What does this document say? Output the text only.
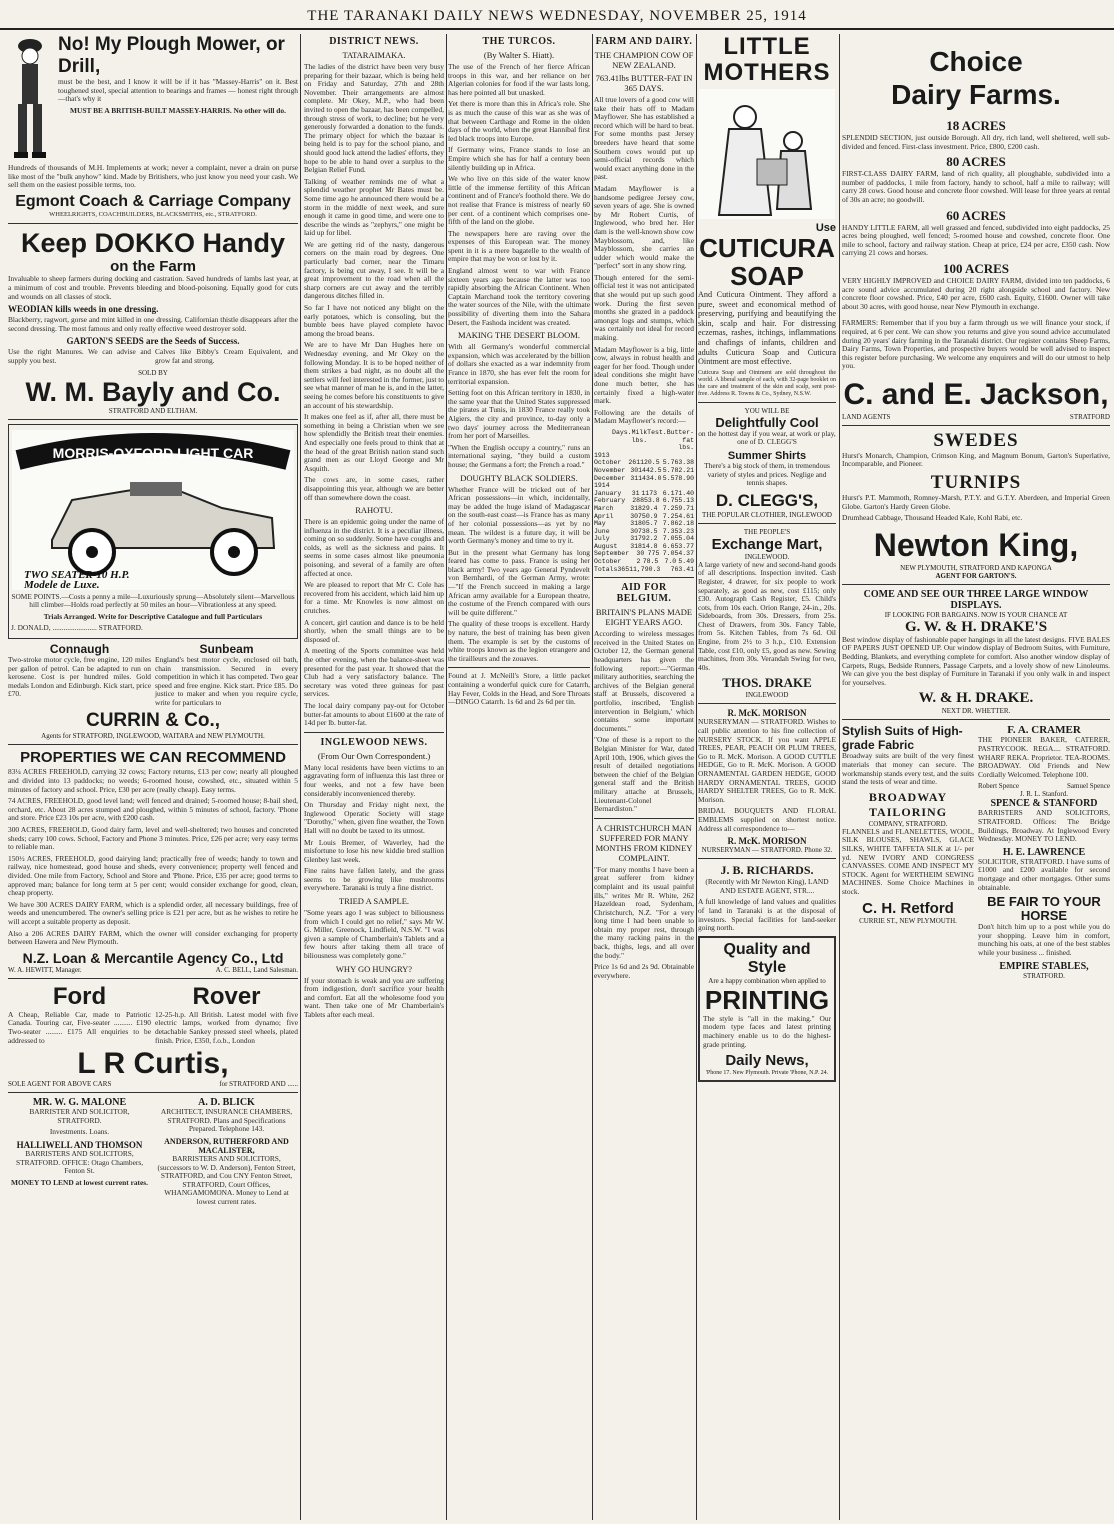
THE TARANAKI DAILY NEWS WEDNESDAY, NOVEMBER 25, 1914
No! My Plough Mower, or Drill,
must be the best, and I know it will be if it has "Massey-Harris" on it. Best toughened steel, special attention to bearings and frames — honest right through—that's why it
MUST BE A BRITISH-BUILT MASSEY-HARRIS. No other will do.
Hundreds of thousands of M.H. Implements at work; never a complaint, never a drain on purse like most of the "bulk anyhow" kind. Made by Britishers, who just know you need your cash. We sell them on the easiest possible terms, too.
Egmont Coach & Carriage Company
WHEELRIGHTS, COACHBUILDERS, BLACKSMITHS, etc., STRATFORD.
Keep DOKKO Handy
on the Farm
Invaluable to sheep farmers during docking and castration. Saved hundreds of lambs last year, at a minimum of cost and trouble. Prevents bleeding and blood-poisoning. Equally good for cuts and wounds on all classes of stock.
WEODIAN kills weeds in one dressing.
Blackberry, ragwort, gorse and mint killed in one dressing. Californian thistle disappears after the second dressing. The most famous and only really effective weed destroyer sold.
GARTON'S SEEDS are the Seeds of Success.
Use the right Manures. We can advise and supply you best.
Calves like Bibby's Cream Equivalent, and grow fat and strong.
SOLD BY
W. M. Bayly and Co.
STRATFORD AND ELTHAM.
MORRIS-OXFORD LIGHT CAR
TWO SEATER-10 H.P.
Modele de Luxe.
SOME POINTS.—Costs a penny a mile—Luxuriously sprung—Absolutely silent—Marvellous hill climber—Holds road perfectly at 50 miles an hour—Vibrationless at any speed.
Trials Arranged. Write for Descriptive Catalogue and full Particulars
J. DONALD, ........................ STRATFORD.
Connaugh
Two-stroke motor cycle, free engine, 120 miles per gallon of petrol. Can be adapted to run on kerosene. Cost is per hundred miles. Gold medals London and Edinburgh. Kick start, price £70.
Sunbeam
England's best motor cycle, enclosed oil bath, chain transmission. Secured in every competition in which it has competed. Two gear speed and free engine. Kick start. Price £85. Do justice to maker and when you require cycle, write for particulars to
CURRIN & Co.,
Agents for STRATFORD, INGLEWOOD, WAITARA and NEW PLYMOUTH.
PROPERTIES WE CAN RECOMMEND
83¼ ACRES FREEHOLD, carrying 32 cows; Factory returns, £13 per cow; nearly all ploughed and divided into 13 paddocks; no weeds; 6-roomed house, cowshed, etc., situated within 5 minutes of factory and school. Price, £30 per acre (really cheap). Easy terms.
74 ACRES, FREEHOLD, good level land; well fenced and drained; 5-roomed house; 8-bail shed, orchard, etc. About 28 acres stumped and ploughed, within 5 minutes of school, factory. 'Phone and store. Price £23 10s per acre, with £200 cash.
300 ACRES, FREEHOLD, Good dairy farm, level and well-sheltered; two houses and concreted sheds; carry 100 cows. School, Factory and Phone 3 minutes. Price, £26 per acre; very easy terms to reliable man.
150½ ACRES, FREEHOLD, good dairying land; practically free of weeds; handy to town and railway, nice homestead, good house and sheds, every convenience; property well fenced and divided. One mile from Factory, School and Store and 'Phone. Price, £35 per acre; good terms to approved man; balance for long term at 5 per cent; would consider exchange for good, clean, cheap property.
We have 300 ACRES DAIRY FARM, which is a splendid order, all necessary buildings, free of weeds and unencumbered. The owner's selling price is £21 per acre, but as he wishes to retire he will accept a suitable property as deposit.
Also a 206 ACRES DAIRY FARM, which the owner will consider exchanging for property between Hawera and New Plymouth.
N.Z. Loan & Mercantile Agency Co., Ltd
W. A. HEWITT, Manager.	A. C. BELL, Land Salesman.
Ford
A Cheap, Reliable Car, made to Patriotic Canada. Touring car, Five-seater .......... £190 Two-seater ......... £175 All enquiries to be addressed to
Rover
12-25-h.p. All British. Latest model with five electric lamps, worked from dynamo; five detachable Sankey pressed steel wheels, plated finish. Price, £350, f.o.b., London
L R Curtis,
SOLE AGENT FOR ABOVE CARS	for STRATFORD AND ......
MR. W. G. MALONE
BARRISTER AND SOLICITOR, STRATFORD.
Investments. Loans.
HALLIWELL AND THOMSON
BARRISTERS AND SOLICITORS, STRATFORD. OFFICE: Otago Chambers, Fenton St.
MONEY TO LEND at lowest current rates.
A. D. BLICK
ARCHITECT, INSURANCE CHAMBERS, STRATFORD. Plans and Specifications Prepared. Telephone 143.
ANDERSON, RUTHERFORD AND MACALISTER,
BARRISTERS AND SOLICITORS, (successors to W. D. Anderson), Fenton Street, STRATFORD, and Cou CNY Fenton Street, STRATFORD, Court Offices, WHANGAMOMONA. Money to Lend at lowest current rates.
DISTRICT NEWS.
TATARAIMAKA.
The ladies of the district have been very busy preparing for their bazaar, which is being held on Friday and Saturday, 27th and 28th November. Their arrangements are almost complete. Mr Okey, M.P., who had been invited to open the bazaar, has been compelled, through stress of work, to decline; but he very generously forwarded a donation to the funds. The primary object for which the bazaar is being held is to pay for the school piano, and should good luck attend the ladies' efforts, they hope to be able to hand over a surplus to the Belgian Relief Fund.
Talking of weather reminds me of what a splendid weather prophet Mr Bates must be. Some time ago he announced there would be a storm in the middle of next week, and sure enough it came in good time, and were one to describe the winds as "zephyrs," one might be laid up for libel.
We are getting rid of the nasty, dangerous corners on the main road by degrees. One particularly bad corner, near the Timaru factory, is being cut away, I see. It will be a great improvement to the road when all the sharp corners are cut away and the terribly dangerous ditches filled in.
So far I have not noticed any blight on the early potatoes, which is consoling, but the bumble bees have played complete havoc among the broad beans.
We are to have Mr Dan Hughes here on Wednesday evening, and Mr Okey on the following Monday. It is to be hoped neither of them strikes a bad night, as no doubt all the settlers will feel interested in the former, just to see what manner of man he is, and in the latter, seeing he comes before his constituents to give an account of his stewardship.
It makes one feel as if, after all, there must be something in being a Christian when we see how splendidly the British treat their enemies. And especially one feels proud to think that at the head of the great British nation stand such grand men as our Lloyd George and Mr Asquith.
The cows are, in some cases, rather disappointing this year, although we are better off than somewhere down the coast.
RAHOTU.
There is an epidemic going under the name of influenza in the district. It is a peculiar illness, coming on so suddenly. Some have coughs and colds, as well as the sickness and pains. It seems in some cases almost like pneumonia poisoning, and several of a family are often affected at once.
We are pleased to report that Mr C. Cole has recovered from his accident, which laid him up for a time. Mr Knowles is now almost on crutches.
A concert, girl caution and dance is to be held shortly, when the small things are to be disposed of.
A meeting of the Sports committee was held the other evening, when the balance-sheet was presented for the past year. It showed that the Club had a very satisfactory balance. The secretary was voted three guineas for past services.
The local dairy company pay-out for October butter-fat amounts to about £1600 at the rate of 14d per lb. butter-fat.
INGLEWOOD NEWS.
(From Our Own Correspondent.)
Many local residents have been victims to an aggravating form of influenza this last three or four weeks, and not a few have been considerably inconvenienced thereby.
On Thursday and Friday night next, the Inglewood Operatic Society will stage "Dorothy," when, given fine weather, the Town Hall will no doubt be taxed to its utmost.
Mr Louis Bremer, of Waverley, had the misfortune to lose his new kiddie bred stallion Glenbey last week.
Fine rains have fallen lately, and the grass seems to be growing like mushrooms everywhere. Taranaki is truly a fine district.
TRIED A SAMPLE.
"Some years ago I was subject to biliousness from which I could get no relief," says Mr W. G. Miller, Greenock, Lindfield, N.S.W. "I was given a sample of Chamberlain's Tablets and a few hours after taking them all trace of biliousness was completely gone."
WHY GO HUNGRY?
If your stomach is weak and you are suffering from indigestion, don't sacrifice your health and comfort. Eat all the wholesome food you want. Then take one of Mr Chamberlain's Tablets after each meal.
THE TURCOS.
(By Walter S. Hiatt).
The use of the French of her fierce African troops in this war, and her reliance on her Algerian colonies for food if the war lasts long, has here pointed all but unasked.
Yet there is more than this in Africa's role. She is as much the cause of this war as she was of that between Carthage and Rome in the olden days of the world, when the great Hannibal first led black troops into Europe.
If Germany wins, France stands to lose an Empire which she has for half a century been silently building up in Africa.
We who live on this side of the water know little of the immense fertility of this African continent and of France's foothold there. We do not realise that France is mistress of nearly 60 per cent. of a continent which comprises one-fifth of the land on the globe.
The newspapers here are raving over the expenses of this European war. The money spent in it is a mere bagatelle to the wealth of empire that may be won or lost by it.
England almost went to war with France sixteen years ago because the latter was too rapidly absorbing the African Continent. When Captain Marchand took the territory covering the water sources of the Nile, with the ultimate possibility of diverting them into the Sahara Desert, the Fashoda incident was created.
MAKING THE DESERT BLOOM.
With all Germany's wonderful commercial expansion, which was accelerated by the billion of dollars she exacted as a war indemnity from France in 1870, she has ever felt the room for territorial expansion.
Setting foot on this African territory in 1830, in the same year that the United States suppressed the pirates at Tunis, in 1830 France really took Algiers, the city and province, to-day only a two days' journey across the Mediterranean from her port of Marseilles.
"When the English occupy a country," runs an international saying, "they build a custom house; the Germans a fort; the French a road."
DOUGHTY BLACK SOLDIERS.
Whether France will be tricked out of her African possessions—in which, incidentally, may be added the huge island of Madagascar on the south-east coast—is France has as many of her colonial possessions—as yet by no mean. The wildest is a future day, it will be worth Germany's money and time to try it.
But in the present what Germany has long feared has come to pass. France is using her black army! Two years ago General Pyndevelt von Bernhardi, of the German Army, wrote:—"If the French succeed in making a large African army available for a European theatre, the costume of the French compared with ours will be quite different."
The quality of these troops is excellent. Hardy by nature, the best of training has been given them. The example is set by the customs of white troops known as the legion etrangere and the tirailleurs and the zouaves.
Found at J. McNeill's Store, a little packet containing a wonderful quick cure for Catarrh, Hay Fever, Colds in the Head, and Sore Throats—DINGO Catarrh. 1s 6d and 2s 6d per tin.
FARM AND DAIRY.
THE CHAMPION COW OF NEW ZEALAND.
763.41lbs BUTTER-FAT IN 365 DAYS.
All true lovers of a good cow will take their hats off to Madam Mayflower. She has established a record which will be hard to beat. For some months past Jersey breeders have heard that some Southern cows would put up semi-official records which would exact anything done in the past.
Madam Mayflower is a handsome pedigree Jersey cow, seven years of age. She is owned by Mr Robert Curtis, of Inglewood, who bred her. Her dam is the well-known show cow Mayblossom, and, like Mayblossom, she carries an udder which would make the "perfect" sort in any show ring.
Though entered for the semi-official test it was not anticipated that she would put up such good work. During the first seven months she grazed in a paddock amongst logs and stumps, which was certainly not ideal for record making.
Madam Mayflower is a big, little cow, always in robust health and eager for her food. Though under ideal conditions she might have done much better, she has certainly fixed a high-water mark.
Following are the details of Madam Mayflower's record:—
Days. Milk lbs.
Test. Butter-fat lbs.
1913
October	26 1120.5 5.7 63.38
November 30 1442.5 5.7 82.21
December 31 1434.0 5.5 78.90
1914
January	31 1173 6.1 71.40
February	28 853.8 6.7 55.13
March	31 829.4 7.2 59.71
April	30 750.9 7.2 54.61
May	31 805.7 7.8 62.18
June	30 738.5 7.3 53.23
July	31 792.2 7.0 55.04
August	31 814.8 6.6 53.77
September	30 775 7.0 54.37
October	2 78.5 7.0 5.49
Totals 365 11,790.3 763.41
AID FOR BELGIUM.
BRITAIN'S PLANS MADE EIGHT YEARS AGO.
According to wireless messages received in the United States on October 12, the German general headquarters has given the following report:—"German military authorities, searching the archives of the Belgian general staff at Brussels, discovered a portfolio, inscribed, 'English intervention in Belgium,' which contains some important documents."
"One of these is a report to the Belgian Minister for War, dated April 10th, 1906, which gives the result of detailed negotiations between the chief of the Belgian general staff and the British military attache at Brussels, Lieutenant-Colonel Bernardiston."
A CHRISTCHURCH MAN SUFFERED FOR MANY MONTHS FROM KIDNEY COMPLAINT.
"For many months I have been a great sufferer from kidney complaint and its usual painful ills," writes Mr R. White, 262 Hazeldean road, Sydenham, Christchurch, N.Z. "For a very long time I had been unable to obtain my proper rest, through the many racking pains in the back, thighs, legs, and all over the body."
Price 1s 6d and 2s 9d. Obtainable everywhere.
LITTLE MOTHERS
Use
CUTICURA SOAP
And Cuticura Ointment. They afford a pure, sweet and economical method of preserving, purifying and beautifying the skin, scalp and hair. For distressing eczemas, rashes, itchings, inflammations and chafings of infants, children and adults Cuticura Soap and Cuticura Ointment are most effective.
Cuticura Soap and Ointment are sold throughout the world. A liberal sample of each, with 32-page booklet on the care and treatment of the skin and scalp, sent post-free. Address R. Towns & Co., Sydney, N.S.W.
YOU WILL BE
Delightfully Cool
on the hottest day if you wear, at work or play, one of D. CLEGG'S
Summer Shirts
There's a big stock of them, in tremendous variety of styles and prices. Neglige and tennis shapes.
D. CLEGG'S,
THE POPULAR CLOTHIER, INGLEWOOD
THE PEOPLE'S
Exchange Mart,
INGLEWOOD.
A large variety of new and second-hand goods of all descriptions. Inspection invited. Cash Register, 4 drawer, for six people to work separately, as good as new, cost £115; only £30. Autograph Cash Register, £5. Child's cots, from 10s each. Orion Range, 24-in., 20s. Sideboards, from 30s. Dressers, from 25s. Chest of Drawers, from 30s. Fancy Table, from 5s. Kitchen Tables, from 7s 6d. Oil Engine, from 2½ to 3 h.p., £10. Extension Table, cost £10, only £5, good as new. Sewing machines, from 30s. Verandah Swing for two, 40s.
THOS. DRAKE
INGLEWOOD
R. McK. MORISON
NURSERYMAN — STRATFORD. Wishes to call public attention to his fine collection of NURSERY STOCK. If you want APPLE TREES, PEAR, PEACH OR PLUM TREES, Go to R. McK. Morison. A GOOD CUTTLE HEDGE, Go to R. McK. Morison. A GOOD ORNAMENTAL GARDEN HEDGE, GOOD HARDY ORNAMENTAL TREES, GOOD HARDY SHELTER TREES, Go to R. McK. Morison.
BRIDAL BOUQUETS AND FLORAL EMBLEMS supplied on shortest notice. Address all correspondence to—
R. McK. MORISON
NURSERYMAN — STRATFORD. Phone 32.
J. B. RICHARDS.
(Recently with Mr Newton King), LAND AND ESTATE AGENT, STR....
A full knowledge of land values and qualities of land in Taranaki is at the disposal of investors. Special facilities for land-seeker going north.
Quality and Style
Are a happy combination when applied to
PRINTING
The style is "all in the making." Our modern type faces and latest printing machinery enable us to do the highest-grade printing.
Daily News,
'Phone 17. New Plymouth. Private 'Phone, N.P. 24.
Choice
Dairy Farms.
18 ACRES
SPLENDID SECTION, just outside Borough. All dry, rich land, well sheltered, well sub-divided and fenced. First-class investment. Price, £800, £200 cash.
80 ACRES
FIRST-CLASS DAIRY FARM, land of rich quality, all ploughable, subdivided into a number of paddocks, 1 mile from factory, handy to school, half a mile to railway; will carry 28 cows. Good house and concrete floor cowshed. Will lease for three years at rental of 30s an acre; no goodwill.
60 ACRES
HANDY LITTLE FARM, all well grassed and fenced, subdivided into eight paddocks, 25 acres being ploughed, well fenced; 5-roomed house and cowshed, concrete floor. One mile to school, factory and railway station. Cheap at price, £24 per acre, £350 cash. Now carrying 21 cows and horses.
100 ACRES
VERY HIGHLY IMPROVED and CHOICE DAIRY FARM, divided into ten paddocks, 6 acre sound advice accumulated during 20 right alongside school and factory. New concrete floor cowshed. Price, £40 per acre, £600 cash. Equity, £1600. Owner will take about 30 acres, with good house, near New Plymouth in exchange.
FARMERS: Remember that if you buy a farm through us we will finance your stock, if required, at 6 per cent. We can show you returns and give you sound advice accumulated during 20 years' dairy farming in the Taranaki district. Our register contains Sheep Farms, Dairy Farms, Town Properties, and prospective buyers would be well advised to inspect this register before purchasing. We welcome any enquirers and will do our utmost to help you.
C. and E. Jackson,
LAND AGENTS	STRATFORD
SWEDES
Hurst's Monarch, Champion, Crimson King, and Magnum Bonum, Garton's Superlative, Incomparable, and Pioneer.
TURNIPS
Hurst's P.T. Mammoth, Romney-Marsh, P.T.Y. and G.T.Y. Aberdeen, and Imperial Green Globe. Garton's Hardy Green Globe.
Drumhead Cabbage, Thousand Headed Kale, Kohl Rabi, etc.
Newton King,
NEW PLYMOUTH, STRATFORD AND KAPONGA
AGENT FOR GARTON'S.
COME AND SEE OUR THREE LARGE WINDOW DISPLAYS.
IF LOOKING FOR BARGAINS. NOW IS YOUR CHANCE AT
G. W. & H. DRAKE'S
Best window display of fashionable paper hangings in all the latest designs. FIVE BALES OF PAPERS JUST OPENED UP. Our window display of Bedroom Suites, with Furniture, Bedding, Blankets, and everything complete for comfort. Also another window display of Carpets, Rugs, Bedside Runners, Passage Carpets, and a lovely show of new Linoleums. We can give you the best display of Furniture in Taranaki if you only walk in and inspect for yourselves.
W. & H. DRAKE.
NEXT DR. WHETTER.
Stylish Suits of High-grade Fabric
Broadway suits are built of the very finest materials that money can secure. The workmanship stands every test, and the suits stand the tests of wear and time.
BROADWAY TAILORING
COMPANY, STRATFORD.
FLANNELS and FLANELETTES, WOOL, SILK BLOUSES, SHAWLS, GLACE SILKS, WHITE TAFFETA SILK at 1/- per yd. NEW IVORY AND CONGRESS CANVASSES. COME AND INSPECT MY STOCK. Agent for WERTHEIM SEWING MACHINES. Some Choice Machines in stock.
C. H. Retford
CURRIE ST., NEW PLYMOUTH.
F. A. CRAMER
THE PIONEER BAKER, CATERER, PASTRYCOOK. REGA.... STRATFORD. WHARF REKA. Proprietor. TEA-ROOMS. BROADWAY. Old Friends and New Cordially Welcomed. Telephone 100.
Robert Spence	Samuel Spence
J. R. L. Stanford.
SPENCE & STANFORD
BARRISTERS AND SOLICITORS, STRATFORD. Offices: The Bridge Buildings, Broadway. At Inglewood Every Wednesday. MONEY TO LEND.
H. E. LAWRENCE
SOLICITOR, STRATFORD. I have sums of £1000 and £200 available for second mortgage and other mortgages. Other sums obtainable.
BE FAIR TO YOUR HORSE
Don't hitch him up to a post while you do your shopping. Leave him in comfort, munching his oats, at one of the best stables while your business ... finished.
EMPIRE STABLES,
STRATFORD.
